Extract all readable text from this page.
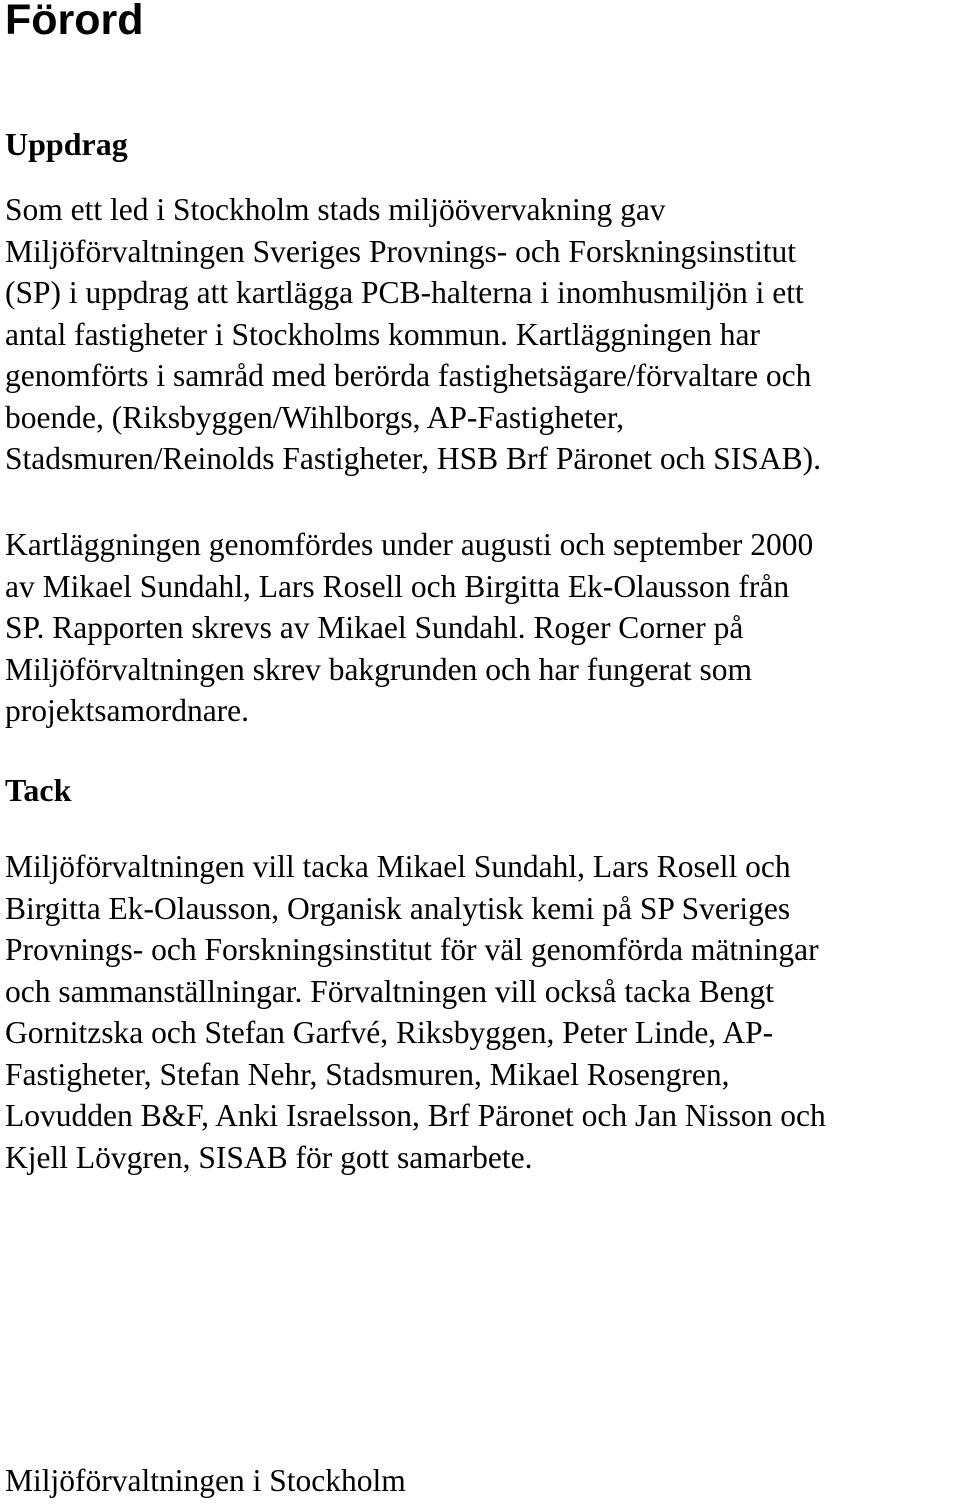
Förord
Uppdrag

Som ett led i Stockholm stads miljöövervakning gav
Miljöförvaltningen Sveriges Provnings- och Forskningsinstitut
(SP) i uppdrag att kartlägga PCB-halterna i inomhusmiljön i ett
antal fastigheter i Stockholms kommun. Kartläggningen har
genomförts i samråd med berörda fastighetsägare/förvaltare och
boende, (Riksbyggen/Wihlborgs, AP-Fastigheter,
Stadsmuren/Reinolds Fastigheter, HSB Brf Päronet och SISAB).

Kartläggningen genomfördes under augusti och september 2000
av Mikael Sundahl, Lars Rosell och Birgitta Ek-Olausson från
SP. Rapporten skrevs av Mikael Sundahl. Roger Corner på
Miljöförvaltningen skrev bakgrunden och har fungerat som
projektsamordnare.

Tack

Miljöförvaltningen vill tacka Mikael Sundahl, Lars Rosell och
Birgitta Ek-Olausson, Organisk analytisk kemi på SP Sveriges
Provnings- och Forskningsinstitut för väl genomförda mätningar
och sammanställningar. Förvaltningen vill också tacka Bengt
Gornitzska och Stefan Garfvé, Riksbyggen, Peter Linde, AP-
Fastigheter, Stefan Nehr, Stadsmuren, Mikael Rosengren,
Lovudden B&F, Anki Israelsson, Brf Päronet och Jan Nisson och
Kjell Lövgren, SISAB för gott samarbete.

Miljöförvaltningen i Stockholm
